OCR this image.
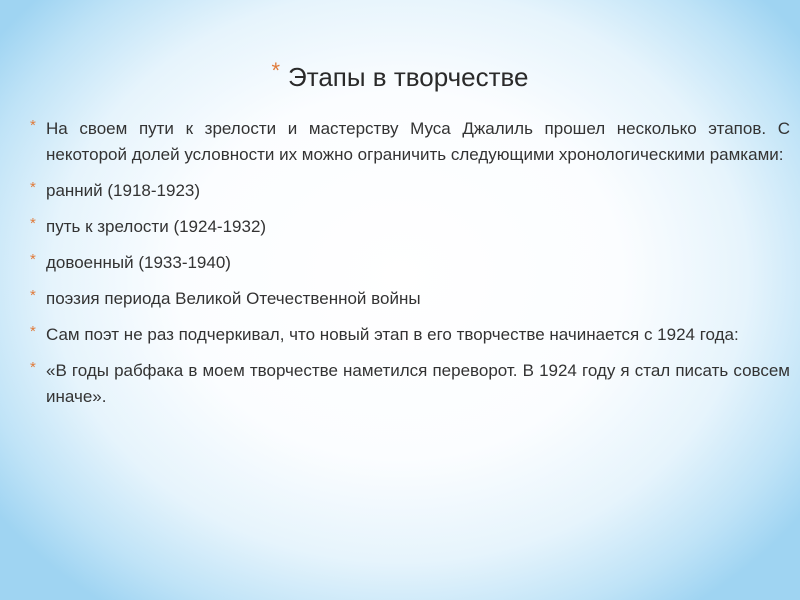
* Этапы в творчестве
* На своем пути к зрелости и мастерству Муса Джалиль прошел несколько этапов. С некоторой долей условности их можно ограничить следующими хронологическими рамками:
* ранний (1918-1923)
* путь к зрелости (1924-1932)
* довоенный (1933-1940)
* поэзия периода Великой Отечественной войны
* Сам поэт не раз подчеркивал, что новый этап в его творчестве начинается с 1924 года:
* «В годы рабфака в моем творчестве наметился переворот. В 1924 году я стал писать совсем иначе».
